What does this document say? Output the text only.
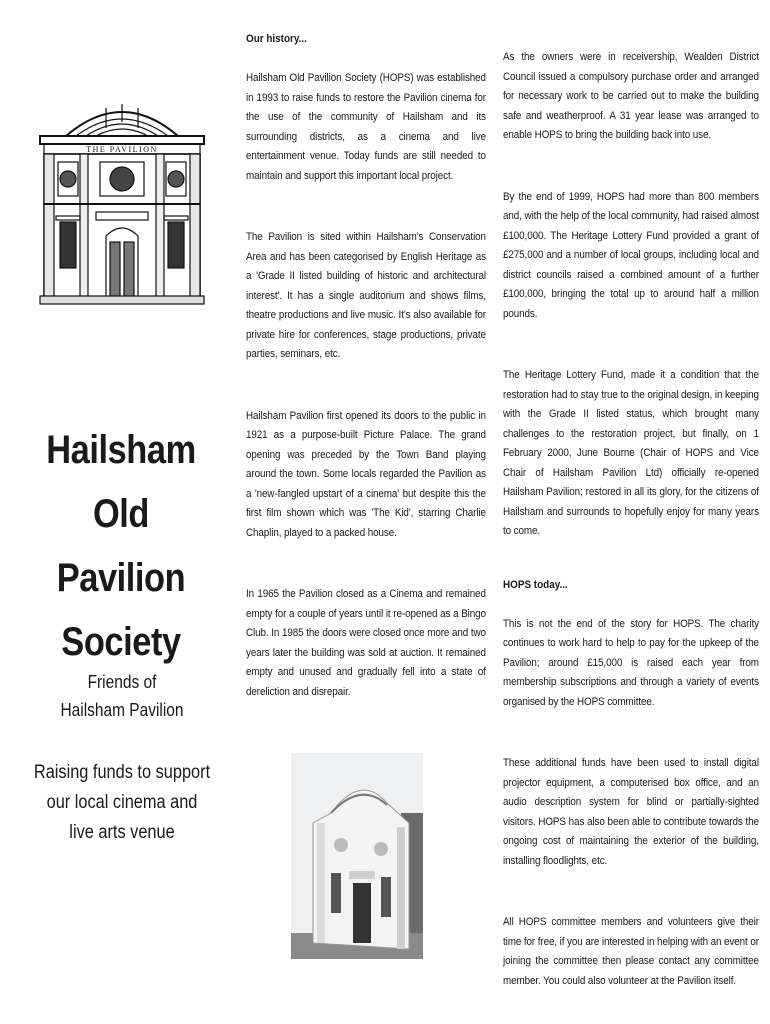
THE PAVILION
Hailsham
Old Pavilion
Society
Friends of
Hailsham Pavilion
Raising funds to support
our local cinema and
live arts venue
Our history...

Hailsham Old Pavilion Society (HOPS) was established in 1993 to raise funds to restore the Pavilion cinema for the use of the community of Hailsham and its surrounding districts, as a cinema and live entertainment venue. Today funds are still needed to maintain and support this important local project.

The Pavilion is sited within Hailsham's Conservation Area and has been categorised by English Heritage as a 'Grade II listed building of historic and architectural interest'. It has a single auditorium and shows films, theatre productions and live music. It's also available for private hire for conferences, stage productions, private parties, seminars, etc.

Hailsham Pavilion first opened its doors to the public in 1921 as a purpose-built Picture Palace. The grand opening was preceded by the Town Band playing around the town. Some locals regarded the Pavilion as a 'new-fangled upstart of a cinema' but despite this the first film shown which was 'The Kid', starring Charlie Chaplin, played to a packed house.

In 1965 the Pavilion closed as a Cinema and remained empty for a couple of years until it re-opened as a Bingo Club. In 1985 the doors were closed once more and two years later the building was sold at auction. It remained empty and unused and gradually fell into a state of dereliction and disrepair.

As the owners were in receivership, Wealden District Council issued a compulsory purchase order and arranged for necessary work to be carried out to make the building safe and weatherproof. A 31 year lease was arranged to enable HOPS to bring the building back into use.

By the end of 1999, HOPS had more than 800 members and, with the help of the local community, had raised almost £100,000. The Heritage Lottery Fund provided a grant of £275,000 and a number of local groups, including local and district councils raised a combined amount of a further £100,000, bringing the total up to around half a million pounds.

The Heritage Lottery Fund, made it a condition that the restoration had to stay true to the original design, in keeping with the Grade II listed status, which brought many challenges to the restoration project, but finally, on 1 February 2000, June Bourne (Chair of HOPS and Vice Chair of Hailsham Pavilion Ltd) officially re-opened Hailsham Pavilion; restored in all its glory, for the citizens of Hailsham and surrounds to hopefully enjoy for many years to come.

HOPS today...

This is not the end of the story for HOPS. The charity continues to work hard to help to pay for the upkeep of the Pavilion; around £15,000 is raised each year from membership subscriptions and through a variety of events organised by the HOPS committee.

These additional funds have been used to install digital projector equipment, a computerised box office, and an audio description system for blind or partially-sighted visitors. HOPS has also been able to contribute towards the ongoing cost of maintaining the exterior of the building, installing floodlights, etc.

All HOPS committee members and volunteers give their time for free, if you are interested in helping with an event or joining the committee then please contact any committee member. You could also volunteer at the Pavilion itself.
